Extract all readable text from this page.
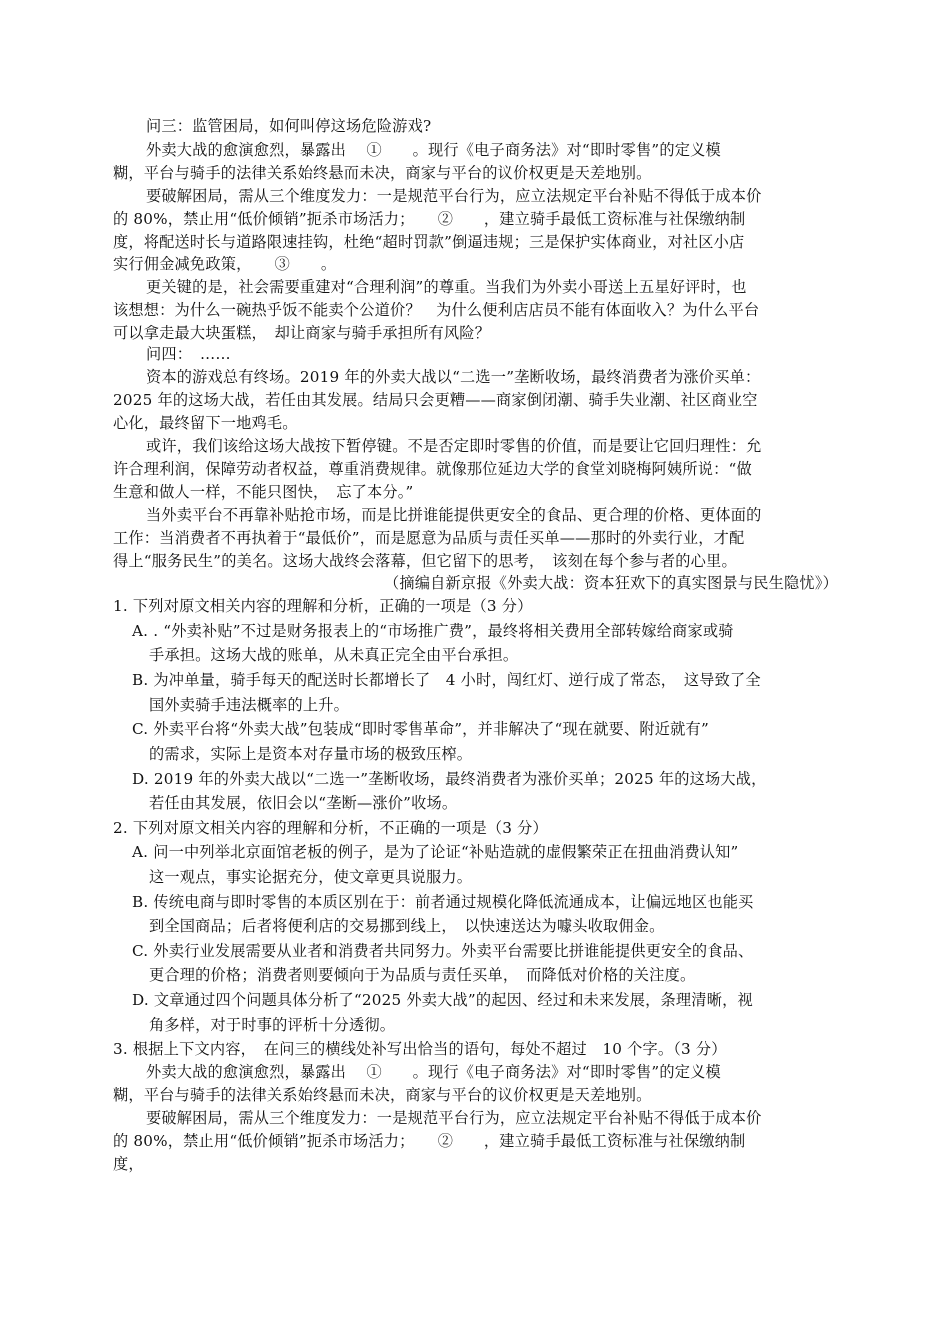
问三：监管困局，如何叫停这场危险游戏?
外卖大战的愈演愈烈，暴露出　 ①　　。现行《电子商务法》对“即时零售”的定义模
糊，平台与骑手的法律关系始终悬而未决，商家与平台的议价权更是天差地别。
要破解困局，需从三个维度发力：一是规范平台行为，应立法规定平台补贴不得低于成本价
的 80%，禁止用“低价倾销”扼杀市场活力；　　②　　，建立骑手最低工资标准与社保缴纳制
度，将配送时长与道路限速挂钩，杜绝“超时罚款”倒逼违规；三是保护实体商业，对社区小店
实行佣金减免政策，　　③　　。
更关键的是，社会需要重建对“合理利润”的尊重。当我们为外卖小哥送上五星好评时，也
该想想：为什么一碗热乎饭不能卖个公道价？　为什么便利店店员不能有体面收入？为什么平台
可以拿走最大块蛋糕，　却让商家与骑手承担所有风险？
问四：　……
资本的游戏总有终场。2019 年的外卖大战以“二选一”垄断收场，最终消费者为涨价买单：
2025 年的这场大战，若任由其发展。结局只会更糟——商家倒闭潮、骑手失业潮、社区商业空
心化，最终留下一地鸡毛。
或许，我们该给这场大战按下暂停键。不是否定即时零售的价值，而是要让它回归理性：允
许合理利润，保障劳动者权益，尊重消费规律。就像那位延边大学的食堂刘晓梅阿姨所说：“做
生意和做人一样，不能只图快，　忘了本分。”
当外卖平台不再靠补贴抢市场，而是比拼谁能提供更安全的食品、更合理的价格、更体面的
工作：当消费者不再执着于“最低价”，而是愿意为品质与责任买单——那时的外卖行业，才配
得上“服务民生”的美名。这场大战终会落幕，但它留下的思考，　该刻在每个参与者的心里。
（摘编自新京报《外卖大战：资本狂欢下的真实图景与民生隐忧》）
1. 下列对原文相关内容的理解和分析，正确的一项是（3 分）
A. . “外卖补贴”不过是财务报表上的“市场推广费”，最终将相关费用全部转嫁给商家或骑
手承担。这场大战的账单，从未真正完全由平台承担。
B. 为冲单量，骑手每天的配送时长都增长了　4 小时，闯红灯、逆行成了常态，　这导致了全
国外卖骑手违法概率的上升。
C. 外卖平台将“外卖大战”包装成“即时零售革命”，并非解决了“现在就要、附近就有”
的需求，实际上是资本对存量市场的极致压榨。
D. 2019 年的外卖大战以“二选一”垄断收场，最终消费者为涨价买单；2025 年的这场大战，
若任由其发展，依旧会以“垄断—涨价”收场。
2. 下列对原文相关内容的理解和分析，不正确的一项是（3 分）
A. 问一中列举北京面馆老板的例子，是为了论证“补贴造就的虚假繁荣正在扭曲消费认知”
这一观点，事实论据充分，使文章更具说服力。
B. 传统电商与即时零售的本质区别在于：前者通过规模化降低流通成本，让偏远地区也能买
到全国商品；后者将便利店的交易挪到线上，　以快速送达为噱头收取佣金。
C. 外卖行业发展需要从业者和消费者共同努力。外卖平台需要比拼谁能提供更安全的食品、
更合理的价格；消费者则要倾向于为品质与责任买单，　而降低对价格的关注度。
D. 文章通过四个问题具体分析了“2025 外卖大战”的起因、经过和未来发展，条理清晰，视
角多样，对于时事的评析十分透彻。
3. 根据上下文内容，　在问三的横线处补写出恰当的语句，每处不超过　10 个字。（3 分）
外卖大战的愈演愈烈，暴露出　 ①　　。现行《电子商务法》对“即时零售”的定义模
糊，平台与骑手的法律关系始终悬而未决，商家与平台的议价权更是天差地别。
要破解困局，需从三个维度发力：一是规范平台行为，应立法规定平台补贴不得低于成本价
的 80%，禁止用“低价倾销”扼杀市场活力；　　②　　，建立骑手最低工资标准与社保缴纳制
度，
